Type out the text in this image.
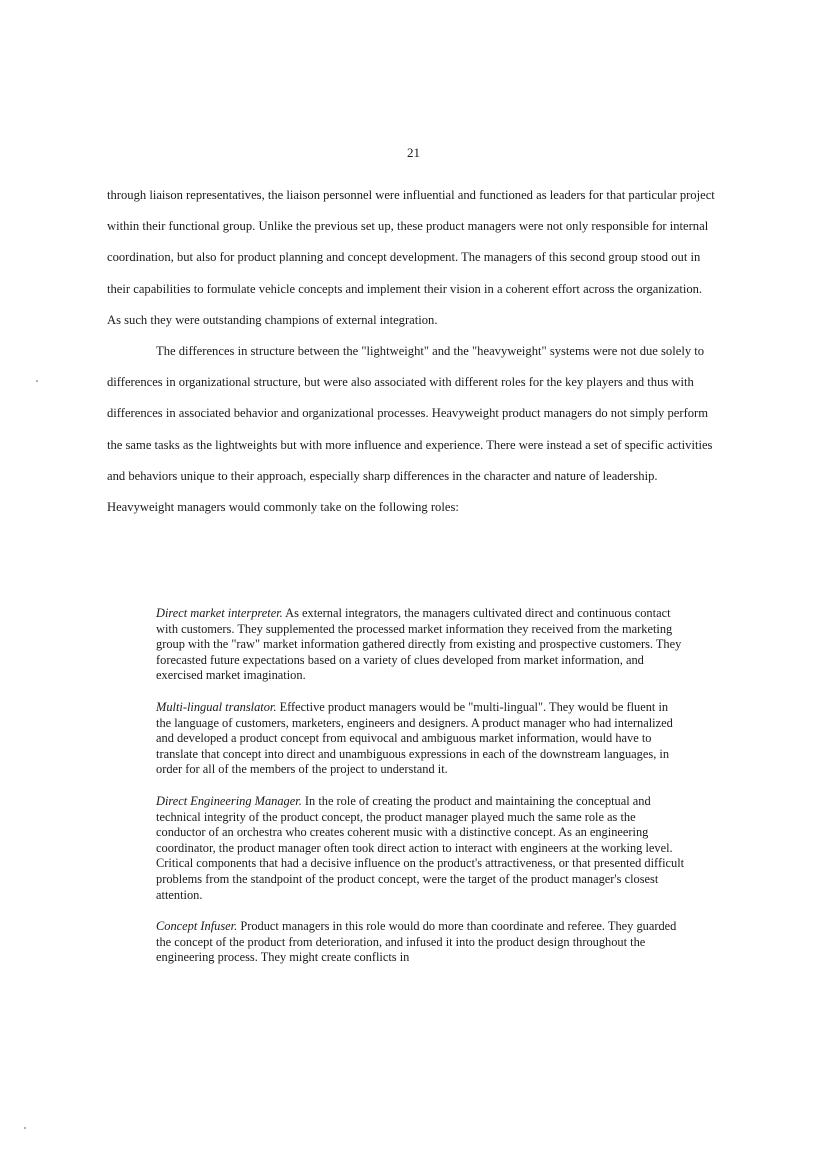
21

through liaison representatives, the liaison personnel were influential and functioned as leaders for that particular project within their functional group. Unlike the previous set up, these product managers were not only responsible for internal coordination, but also for product planning and concept development. The managers of this second group stood out in their capabilities to formulate vehicle concepts and implement their vision in a coherent effort across the organization. As such they were outstanding champions of external integration.

The differences in structure between the "lightweight" and the "heavyweight" systems were not due solely to differences in organizational structure, but were also associated with different roles for the key players and thus with differences in associated behavior and organizational processes. Heavyweight product managers do not simply perform the same tasks as the lightweights but with more influence and experience. There were instead a set of specific activities and behaviors unique to their approach, especially sharp differences in the character and nature of leadership. Heavyweight managers would commonly take on the following roles:

Direct market interpreter. As external integrators, the managers cultivated direct and continuous contact with customers. They supplemented the processed market information they received from the marketing group with the "raw" market information gathered directly from existing and prospective customers. They forecasted future expectations based on a variety of clues developed from market information, and exercised market imagination.
Multi-lingual translator. Effective product managers would be "multi-lingual". They would be fluent in the language of customers, marketers, engineers and designers. A product manager who had internalized and developed a product concept from equivocal and ambiguous market information, would have to translate that concept into direct and unambiguous expressions in each of the downstream languages, in order for all of the members of the project to understand it.
Direct Engineering Manager. In the role of creating the product and maintaining the conceptual and technical integrity of the product concept, the product manager played much the same role as the conductor of an orchestra who creates coherent music with a distinctive concept. As an engineering coordinator, the product manager often took direct action to interact with engineers at the working level. Critical components that had a decisive influence on the product's attractiveness, or that presented difficult problems from the standpoint of the product concept, were the target of the product manager's closest attention.
Concept Infuser. Product managers in this role would do more than coordinate and referee. They guarded the concept of the product from deterioration, and infused it into the product design throughout the engineering process. They might create conflicts in
